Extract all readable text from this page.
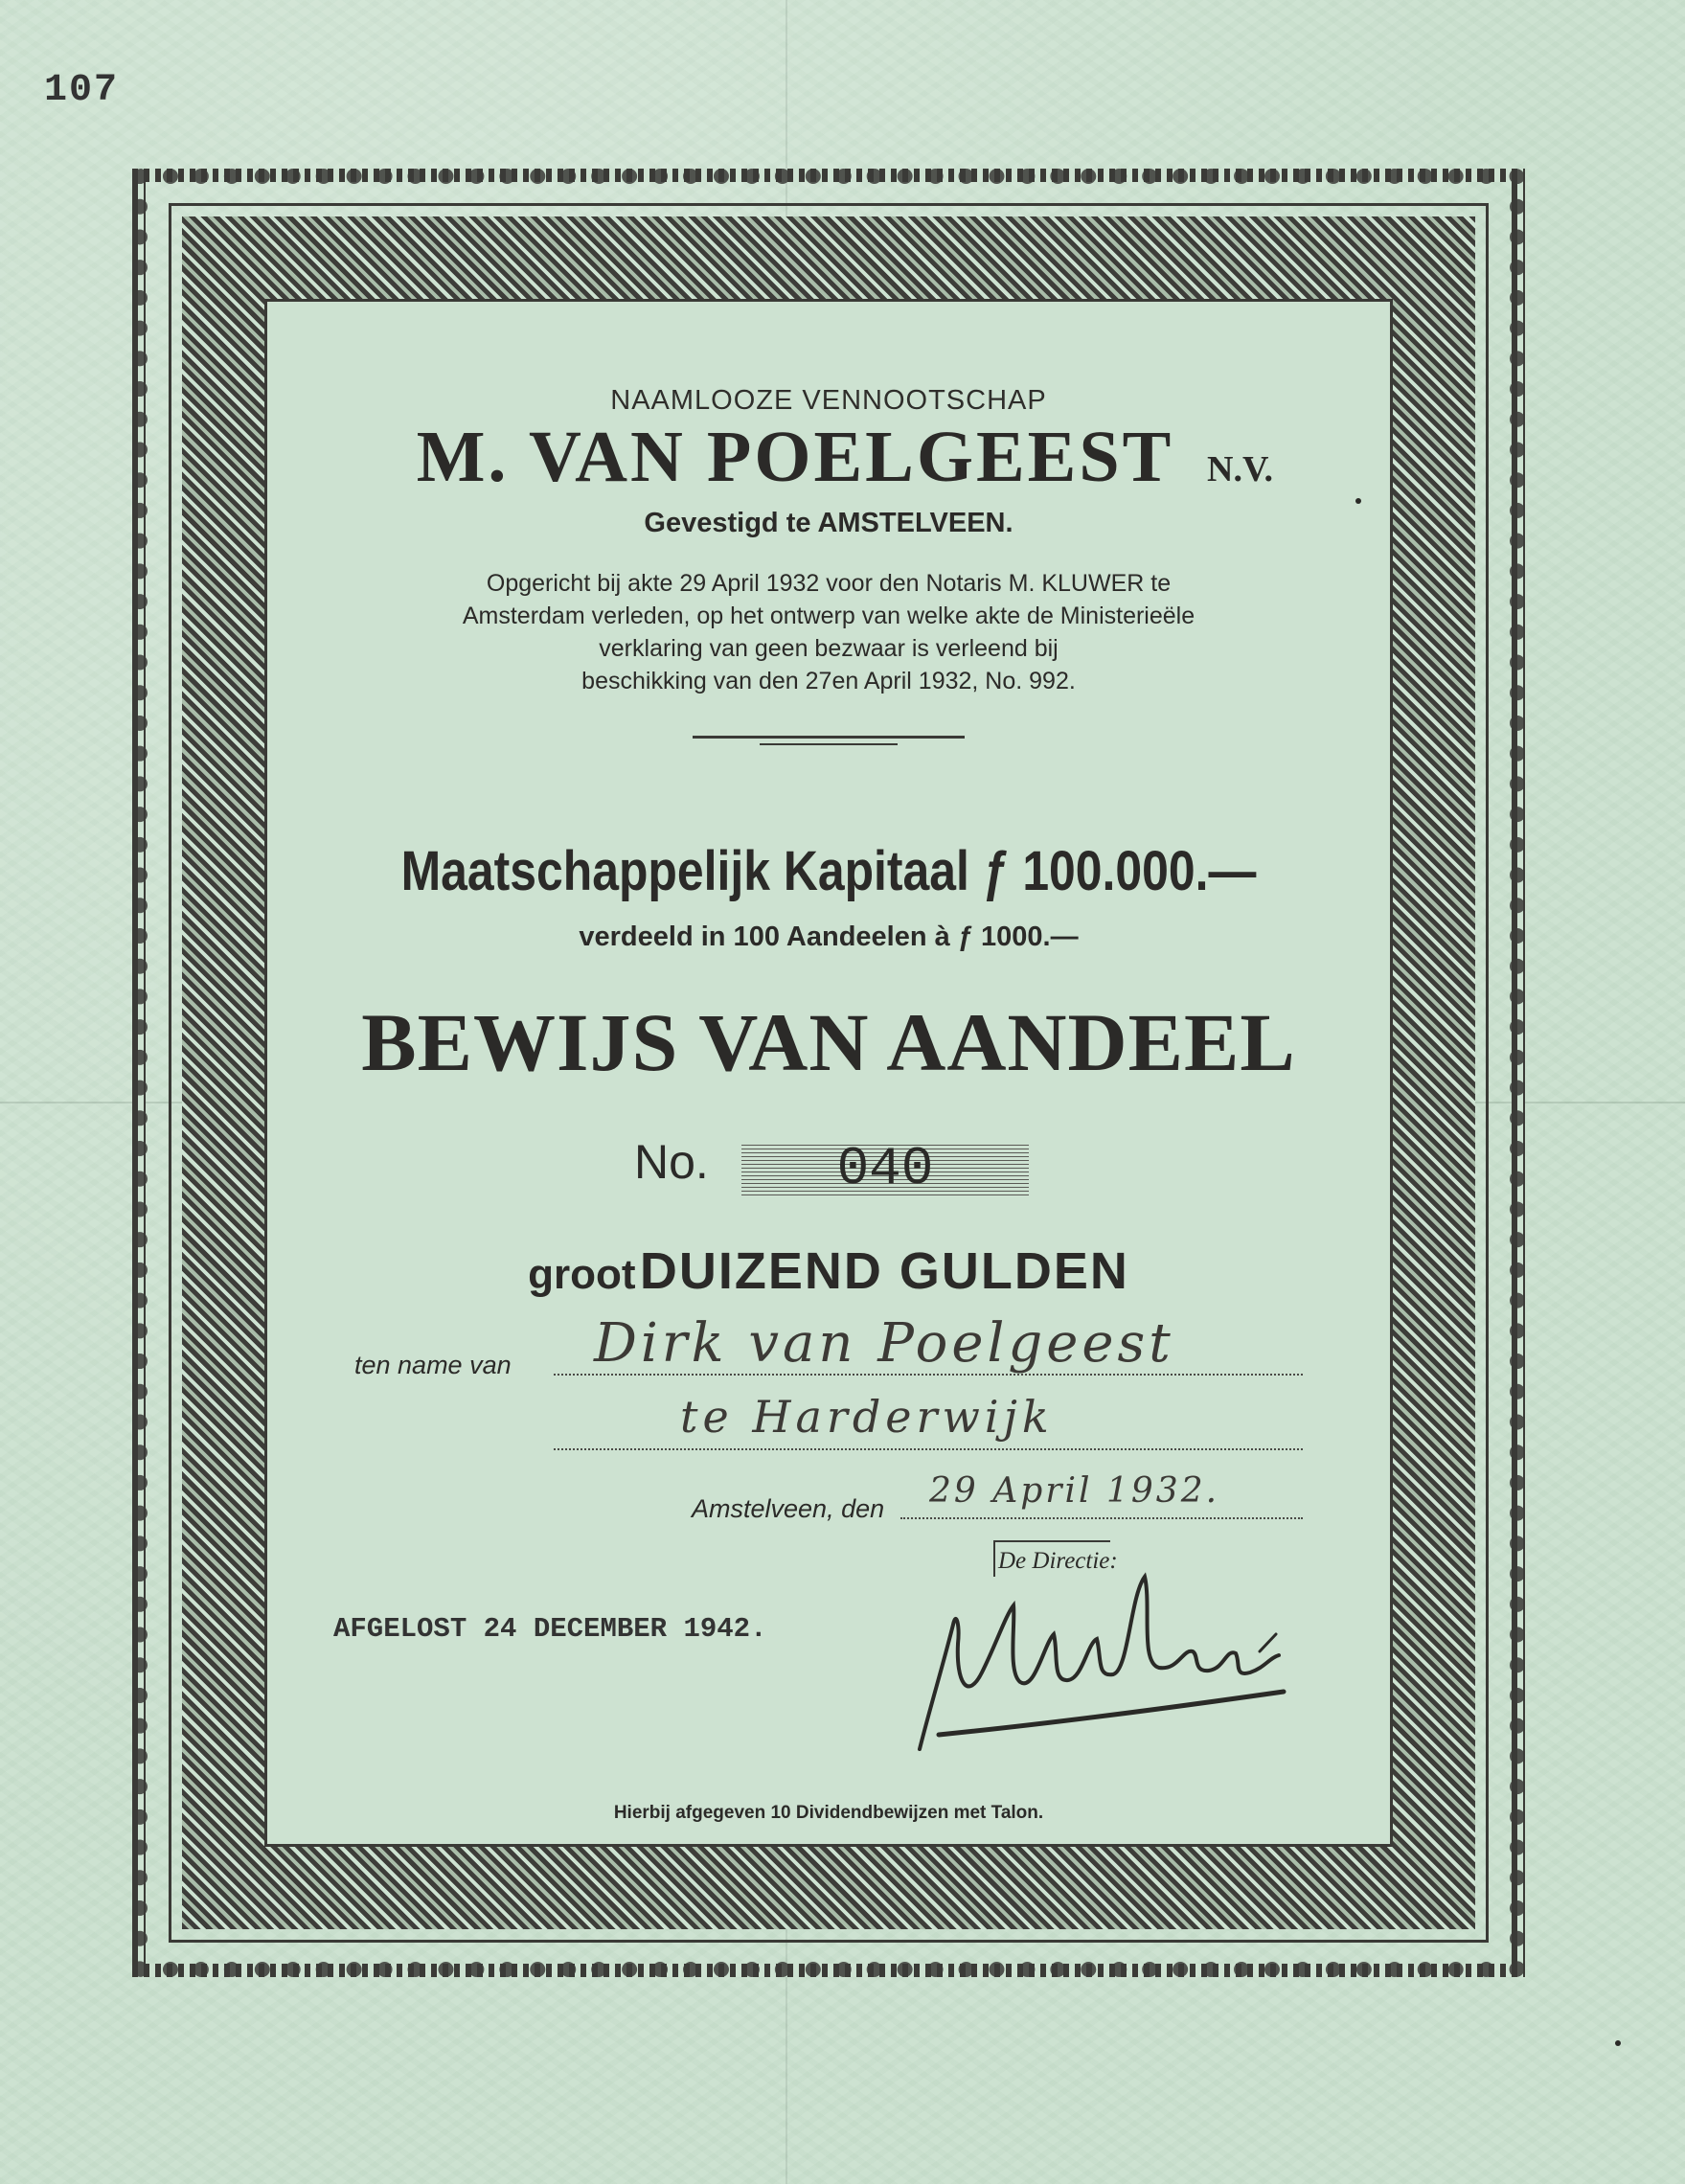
107
NAAMLOOZE VENNOOTSCHAP
M. VAN POELGEEST N.V.
Gevestigd te AMSTELVEEN.
Opgericht bij akte 29 April 1932 voor den Notaris M. KLUWER te
Amsterdam verleden, op het ontwerp van welke akte de Ministerieële
verklaring van geen bezwaar is verleend bij
beschikking van den 27en April 1932, No. 992.
Maatschappelijk Kapitaal ƒ 100.000.—
verdeeld in 100 Aandeelen à ƒ 1000.—
BEWIJS VAN AANDEEL
No.	040
groot DUIZEND GULDEN
ten name van Dirk van Poelgeest
te Harderwijk
Amstelveen, den 29 April 1932.
De Directie:
AFGELOST 24 DECEMBER 1942.
Hierbij afgegeven 10 Dividendbewijzen met Talon.
